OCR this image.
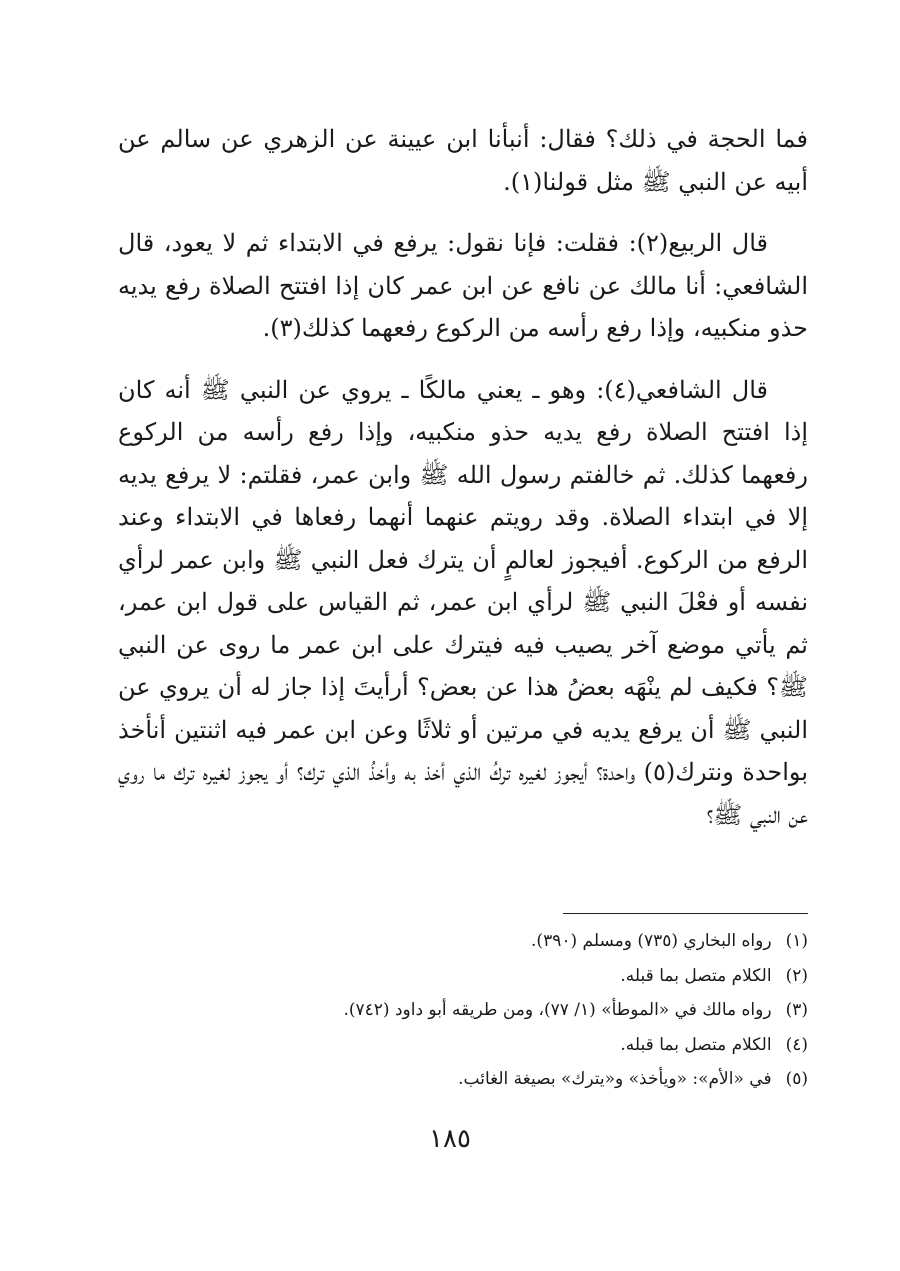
فما الحجة في ذلك؟ فقال: أنبأنا ابن عيينة عن الزهري عن سالم عن أبيه عن النبي ﷺ مثل قولنا(١).

قال الربيع(٢): فقلت: فإنا نقول: يرفع في الابتداء ثم لا يعود، قال الشافعي: أنا مالك عن نافع عن ابن عمر كان إذا افتتح الصلاة رفع يديه حذو منكبيه، وإذا رفع رأسه من الركوع رفعهما كذلك(٣).

قال الشافعي(٤): وهو ـ يعني مالكًا ـ يروي عن النبي ﷺ أنه كان إذا افتتح الصلاة رفع يديه حذو منكبيه، وإذا رفع رأسه من الركوع رفعهما كذلك. ثم خالفتم رسول الله ﷺ وابن عمر، فقلتم: لا يرفع يديه إلا في ابتداء الصلاة. وقد رويتم عنهما أنهما رفعاها في الابتداء وعند الرفع من الركوع. أفيجوز لعالمٍ أن يترك فعل النبي ﷺ وابن عمر لرأي نفسه أو فعْلَ النبي ﷺ لرأي ابن عمر، ثم القياس على قول ابن عمر، ثم يأتي موضع آخر يصيب فيه فيترك على ابن عمر ما روى عن النبي ﷺ؟ فكيف لم ينْهَه بعضُ هذا عن بعض؟ أرأيتَ إذا جاز له أن يروي عن النبي ﷺ أن يرفع يديه في مرتين أو ثلاثًا وعن ابن عمر فيه اثنتين أنأخذ بواحدة ونترك(٥) واحدة؟ أيجوز لغيره تركُ الذي أخذ به وأخذُ الذي ترك؟ أو يجوز لغيره ترك ما روي عن النبي ﷺ؟

(١)
رواه البخاري (٧٣٥) ومسلم (٣٩٠).
(٢)
الكلام متصل بما قبله.
(٣)
رواه مالك في «الموطأ» (١/ ٧٧)، ومن طريقه أبو داود (٧٤٢).
(٤)
الكلام متصل بما قبله.
(٥)
في «الأم»: «ويأخذ» و«يترك» بصيغة الغائب.
١٨٥
